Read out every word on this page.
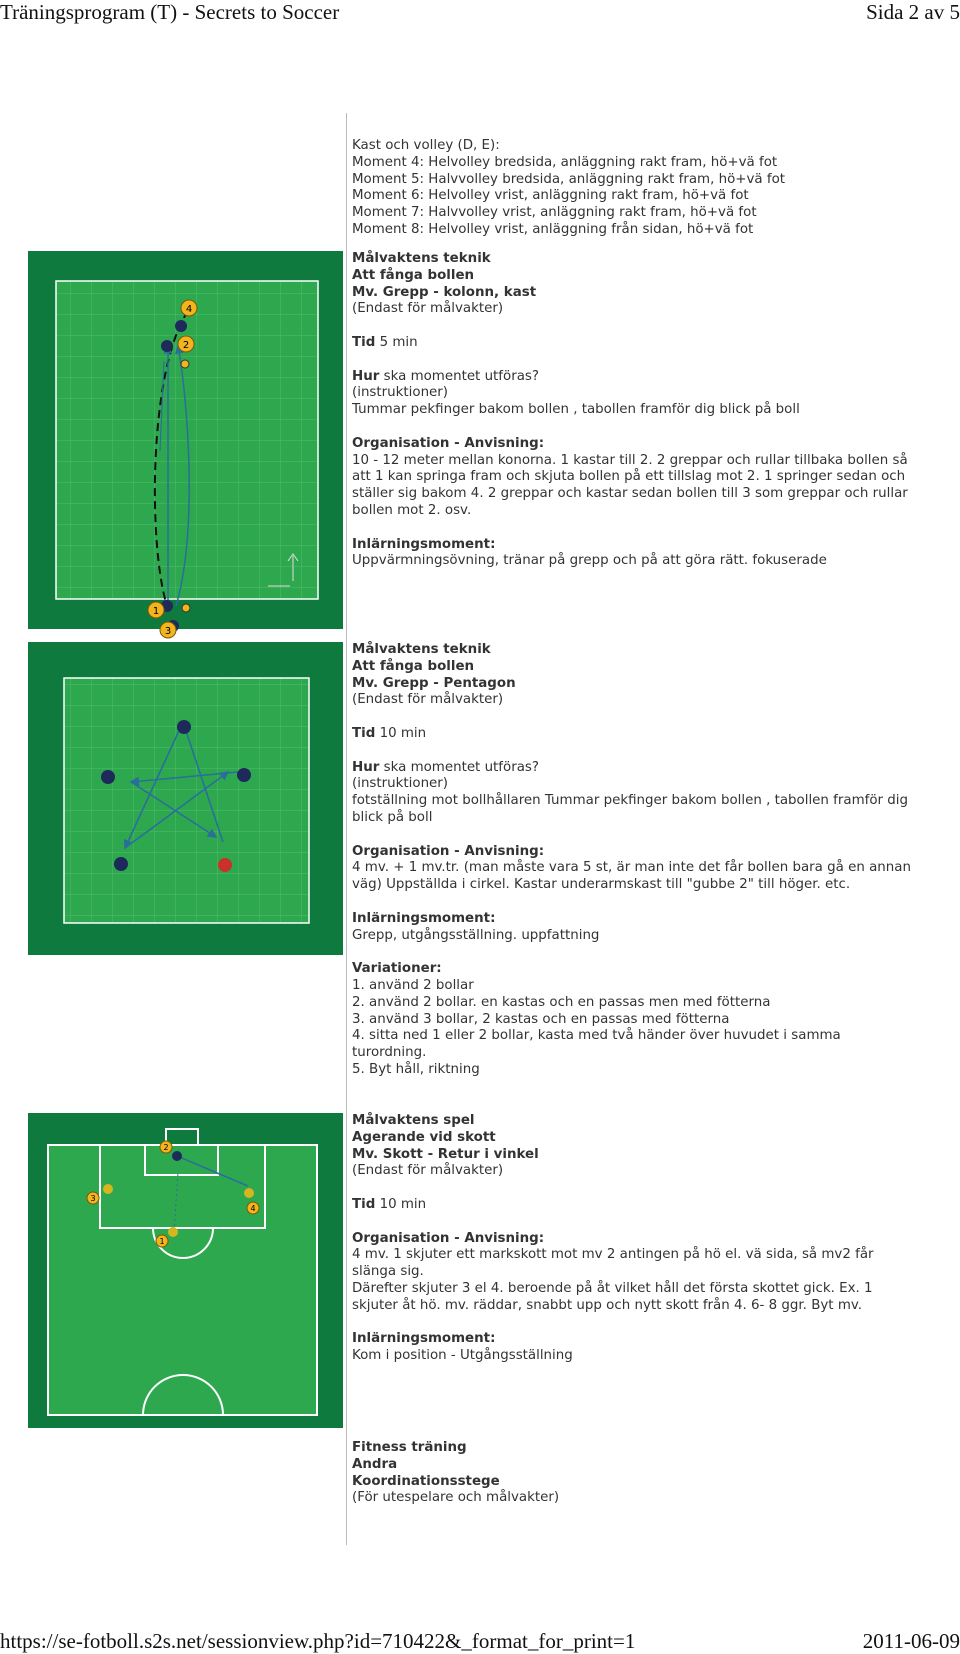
Träningsprogram (T) - Secrets to Soccer	Sida 2 av 5
Kast och volley (D, E):
Moment 4: Helvolley bredsida, anläggning rakt fram, hö+vä fot
Moment 5: Halvvolley bredsida, anläggning rakt fram, hö+vä fot
Moment 6: Helvolley vrist, anläggning rakt fram, hö+vä fot
Moment 7: Halvvolley vrist, anläggning rakt fram, hö+vä fot
Moment 8: Helvolley vrist, anläggning från sidan, hö+vä fot
4
2
1
3
Målvaktens teknik
Att fånga bollen
Mv. Grepp - kolonn, kast
(Endast för målvakter)
Tid 5 min
Hur ska momentet utföras?
(instruktioner)
Tummar pekfinger bakom bollen , tabollen framför dig blick på boll
Organisation - Anvisning:
10 - 12 meter mellan konorna. 1 kastar till 2. 2 greppar och rullar tillbaka bollen så att 1 kan springa fram och skjuta bollen på ett tillslag mot 2. 1 springer sedan och ställer sig bakom 4. 2 greppar och kastar sedan bollen till 3 som greppar och rullar bollen mot 2. osv.
Inlärningsmoment:
Uppvärmningsövning, tränar på grepp och på att göra rätt. fokuserade
Målvaktens teknik
Att fånga bollen
Mv. Grepp - Pentagon
(Endast för målvakter)
Tid 10 min
Hur ska momentet utföras?
(instruktioner)
fotställning mot bollhållaren Tummar pekfinger bakom bollen , tabollen framför dig blick på boll
Organisation - Anvisning:
4 mv. + 1 mv.tr. (man måste vara 5 st, är man inte det får bollen bara gå en annan väg) Uppställda i cirkel. Kastar underarmskast till "gubbe 2" till höger. etc.
Inlärningsmoment:
Grepp, utgångsställning. uppfattning
Variationer:
1. använd 2 bollar
2. använd 2 bollar. en kastas och en passas men med fötterna
3. använd 3 bollar, 2 kastas och en passas med fötterna
4. sitta ned 1 eller 2 bollar, kasta med två händer över huvudet i samma turordning.
5. Byt håll, riktning
2
3
4
1
Målvaktens spel
Agerande vid skott
Mv. Skott - Retur i vinkel
(Endast för målvakter)
Tid 10 min
Organisation - Anvisning:
4 mv. 1 skjuter ett markskott mot mv 2 antingen på hö el. vä sida, så mv2 får slänga sig.
Därefter skjuter 3 el 4. beroende på åt vilket håll det första skottet gick. Ex. 1 skjuter åt hö. mv. räddar, snabbt upp och nytt skott från 4. 6- 8 ggr. Byt mv.
Inlärningsmoment:
Kom i position - Utgångsställning
Fitness träning
Andra
Koordinationsstege
(För utespelare och målvakter)
https://se-fotboll.s2s.net/sessionview.php?id=710422&_format_for_print=1	2011-06-09
